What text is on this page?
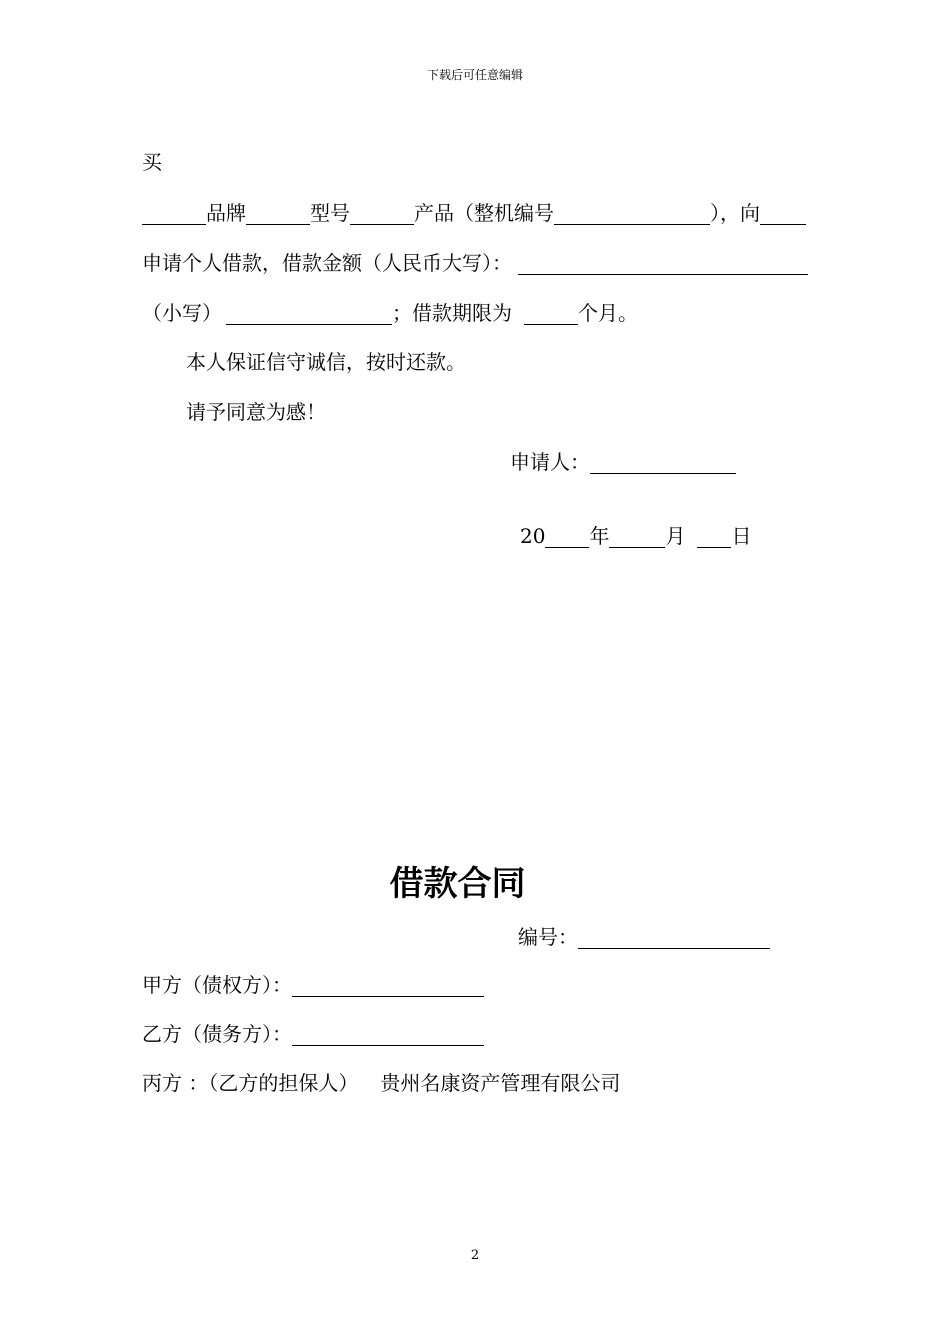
下载后可任意编辑
买
品牌	型号	产品（整机编号	），向
申请个人借款，借款金额（人民币大写）：
（小写）	；借款期限为	个月。
本人保证信守诚信，按时还款。
请予同意为感！
申请人：
20 年	月 日
借款合同
编号：
甲方（债权方）：
乙方（债务方）：
丙方 ：（乙方的担保人） 贵州名康资产管理有限公司
2
